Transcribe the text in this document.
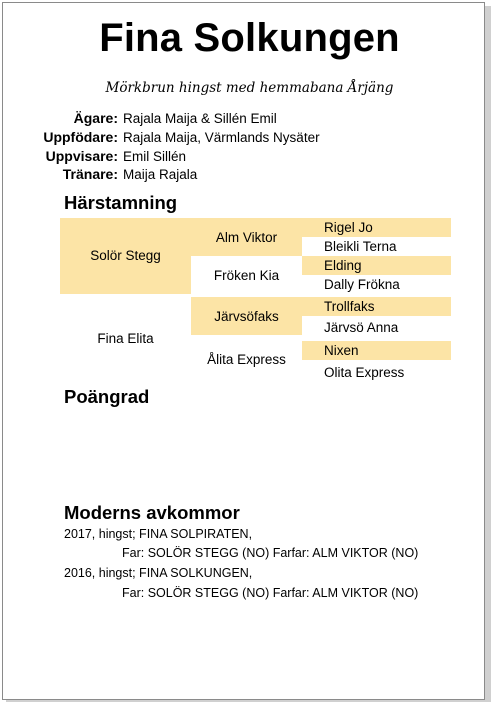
Fina Solkungen
Mörkbrun hingst med hemmabana Årjäng
Ägare: Rajala Maija & Sillén Emil
Uppfödare: Rajala Maija, Värmlands Nysäter
Uppvisare: Emil Sillén
Tränare: Maija Rajala
Härstamning
Solör Stegg
Fina Elita
Alm Viktor
Fröken Kia
Järvsöfaks
Ålita Express
Rigel Jo
Bleikli Terna
Elding
Dally Frökna
Trollfaks
Järvsö Anna
Nixen
Olita Express
Poängrad
Moderns avkommor
2017, hingst; FINA SOLPIRATEN,
Far: SOLÖR STEGG (NO) Farfar: ALM VIKTOR (NO)
2016, hingst; FINA SOLKUNGEN,
Far: SOLÖR STEGG (NO) Farfar: ALM VIKTOR (NO)
